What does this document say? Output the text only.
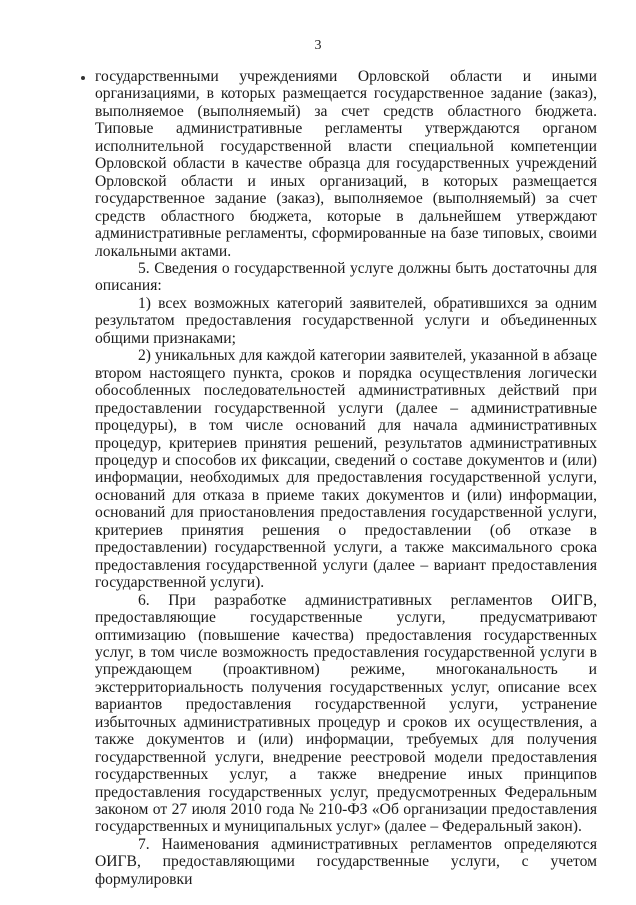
3

государственными учреждениями Орловской области и иными организациями, в которых размещается государственное задание (заказ), выполняемое (выполняемый) за счет средств областного бюджета. Типовые административные регламенты утверждаются органом исполнительной государственной власти специальной компетенции Орловской области в качестве образца для государственных учреждений Орловской области и иных организаций, в которых размещается государственное задание (заказ), выполняемое (выполняемый) за счет средств областного бюджета, которые в дальнейшем утверждают административные регламенты, сформированные на базе типовых, своими локальными актами.

5. Сведения о государственной услуге должны быть достаточны для описания:

1) всех возможных категорий заявителей, обратившихся за одним результатом предоставления государственной услуги и объединенных общими признаками;

2) уникальных для каждой категории заявителей, указанной в абзаце втором настоящего пункта, сроков и порядка осуществления логически обособленных последовательностей административных действий при предоставлении государственной услуги (далее – административные процедуры), в том числе оснований для начала административных процедур, критериев принятия решений, результатов административных процедур и способов их фиксации, сведений о составе документов и (или) информации, необходимых для предоставления государственной услуги, оснований для отказа в приеме таких документов и (или) информации, оснований для приостановления предоставления государственной услуги, критериев принятия решения о предоставлении (об отказе в предоставлении) государственной услуги, а также максимального срока предоставления государственной услуги (далее – вариант предоставления государственной услуги).

6. При разработке административных регламентов ОИГВ, предоставляющие государственные услуги, предусматривают оптимизацию (повышение качества) предоставления государственных услуг, в том числе возможность предоставления государственной услуги в упреждающем (проактивном) режиме, многоканальность и экстерриториальность получения государственных услуг, описание всех вариантов предоставления государственной услуги, устранение избыточных административных процедур и сроков их осуществления, а также документов и (или) информации, требуемых для получения государственной услуги, внедрение реестровой модели предоставления государственных услуг, а также внедрение иных принципов предоставления государственных услуг, предусмотренных Федеральным законом от 27 июля 2010 года № 210-ФЗ «Об организации предоставления государственных и муниципальных услуг» (далее – Федеральный закон).

7. Наименования административных регламентов определяются ОИГВ, предоставляющими государственные услуги, с учетом формулировки
